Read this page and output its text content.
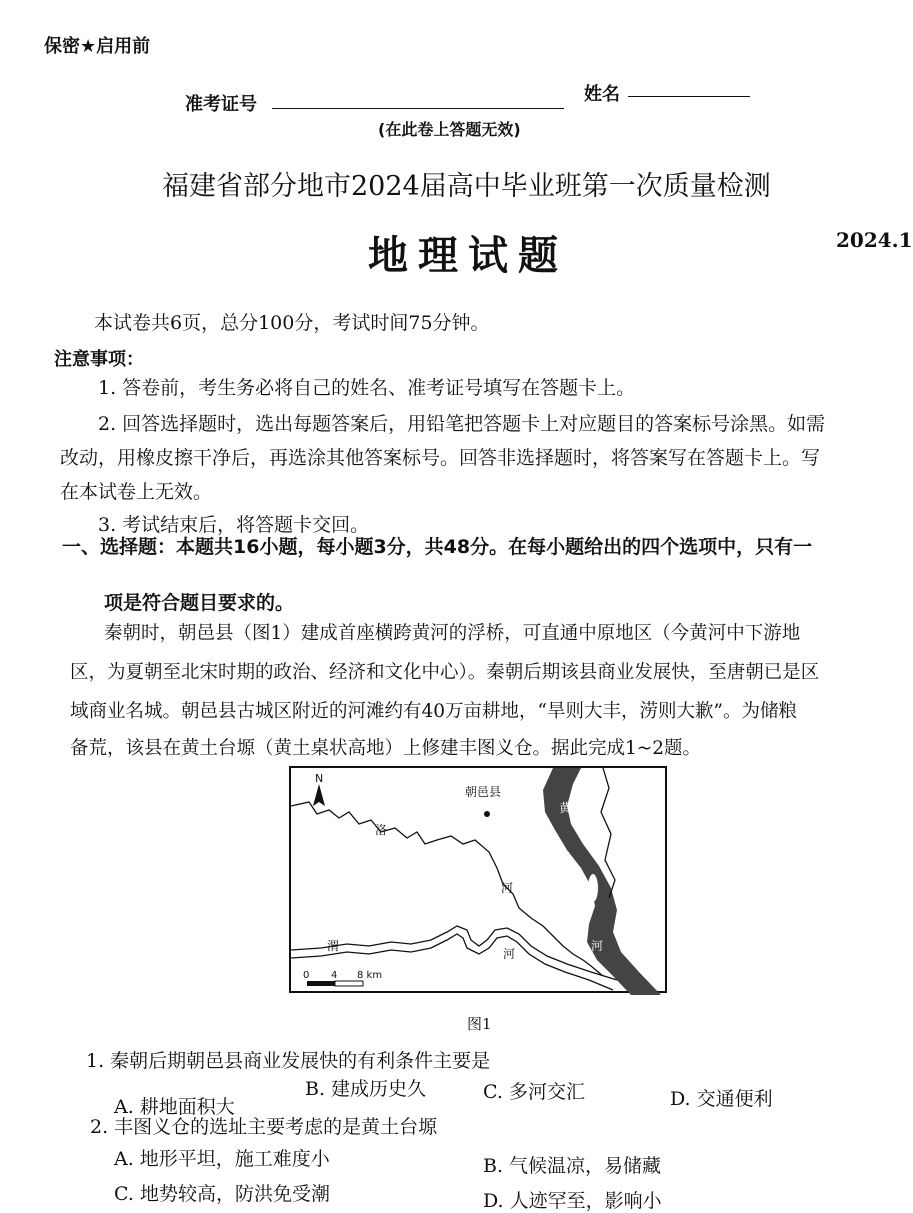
保密★启用前
准考证号	姓名
(在此卷上答题无效)
福建省部分地市2024届高中毕业班第一次质量检测
地理试题	2024.1
本试卷共6页，总分100分，考试时间75分钟。
注意事项：
1. 答卷前，考生务必将自己的姓名、准考证号填写在答题卡上。
2. 回答选择题时，选出每题答案后，用铅笔把答题卡上对应题目的答案标号涂黑。如需
改动，用橡皮擦干净后，再选涂其他答案标号。回答非选择题时，将答案写在答题卡上。写
在本试卷上无效。
3. 考试结束后，将答题卡交回。
一、选择题：本题共16小题，每小题3分，共48分。在每小题给出的四个选项中，只有一
项是符合题目要求的。
秦朝时，朝邑县（图1）建成首座横跨黄河的浮桥，可直通中原地区（今黄河中下游地
区，为夏朝至北宋时期的政治、经济和文化中心）。秦朝后期该县商业发展快，至唐朝已是区
域商业名城。朝邑县古城区附近的河滩约有40万亩耕地，“旱则大丰，涝则大歉”。为储粮
备荒，该县在黄土台塬（黄土桌状高地）上修建丰图义仓。据此完成1~2题。
N
朝邑县
洛
河
渭
河
黄
河
0 4 8 km
图1
1. 秦朝后期朝邑县商业发展快的有利条件主要是
A. 耕地面积大
B. 建成历史久	C. 多河交汇	D. 交通便利
2. 丰图义仓的选址主要考虑的是黄土台塬
A. 地形平坦，施工难度小	B. 气候温凉，易储藏
C. 地势较高，防洪免受潮	D. 人迹罕至，影响小
